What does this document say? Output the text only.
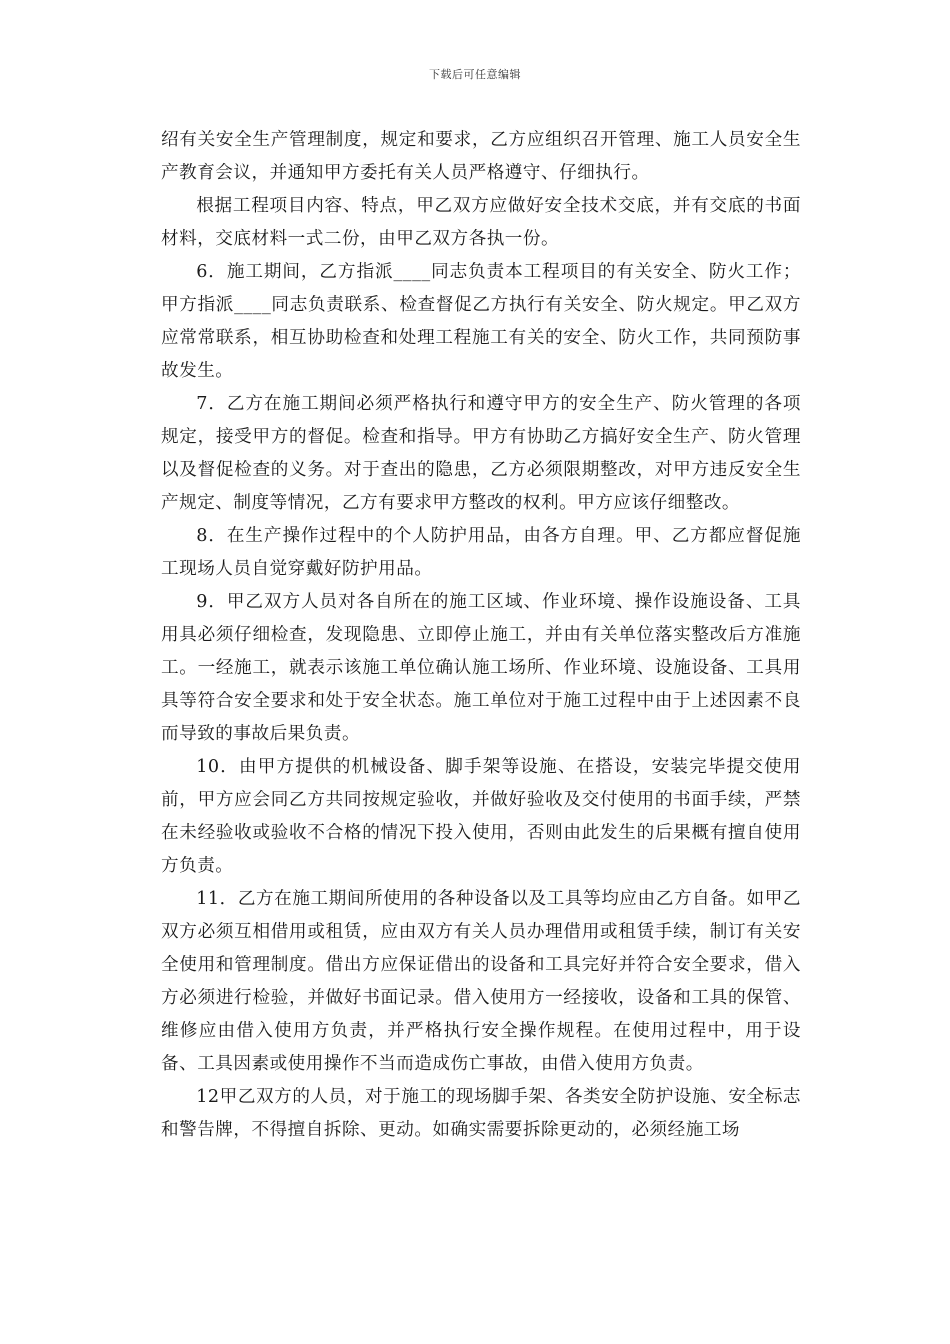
下载后可任意编辑

绍有关安全生产管理制度，规定和要求，乙方应组织召开管理、施工人员安全生产教育会议，并通知甲方委托有关人员严格遵守、仔细执行。

根据工程项目内容、特点，甲乙双方应做好安全技术交底，并有交底的书面材料，交底材料一式二份，由甲乙双方各执一份。

6．施工期间，乙方指派____同志负责本工程项目的有关安全、防火工作；甲方指派____同志负责联系、检查督促乙方执行有关安全、防火规定。甲乙双方应常常联系，相互协助检查和处理工程施工有关的安全、防火工作，共同预防事故发生。

7．乙方在施工期间必须严格执行和遵守甲方的安全生产、防火管理的各项规定，接受甲方的督促。检查和指导。甲方有协助乙方搞好安全生产、防火管理以及督促检查的义务。对于查出的隐患，乙方必须限期整改，对甲方违反安全生产规定、制度等情况，乙方有要求甲方整改的权利。甲方应该仔细整改。

8．在生产操作过程中的个人防护用品，由各方自理。甲、乙方都应督促施工现场人员自觉穿戴好防护用品。

9．甲乙双方人员对各自所在的施工区域、作业环境、操作设施设备、工具用具必须仔细检查，发现隐患、立即停止施工，并由有关单位落实整改后方准施工。一经施工，就表示该施工单位确认施工场所、作业环境、设施设备、工具用具等符合安全要求和处于安全状态。施工单位对于施工过程中由于上述因素不良而导致的事故后果负责。

10．由甲方提供的机械设备、脚手架等设施、在搭设，安装完毕提交使用前，甲方应会同乙方共同按规定验收，并做好验收及交付使用的书面手续，严禁在未经验收或验收不合格的情况下投入使用，否则由此发生的后果概有擅自使用方负责。

11．乙方在施工期间所使用的各种设备以及工具等均应由乙方自备。如甲乙双方必须互相借用或租赁，应由双方有关人员办理借用或租赁手续，制订有关安全使用和管理制度。借出方应保证借出的设备和工具完好并符合安全要求，借入方必须进行检验，并做好书面记录。借入使用方一经接收，设备和工具的保管、维修应由借入使用方负责，并严格执行安全操作规程。在使用过程中，用于设备、工具因素或使用操作不当而造成伤亡事故，由借入使用方负责。

12甲乙双方的人员，对于施工的现场脚手架、各类安全防护设施、安全标志和警告牌，不得擅自拆除、更动。如确实需要拆除更动的，必须经施工场
